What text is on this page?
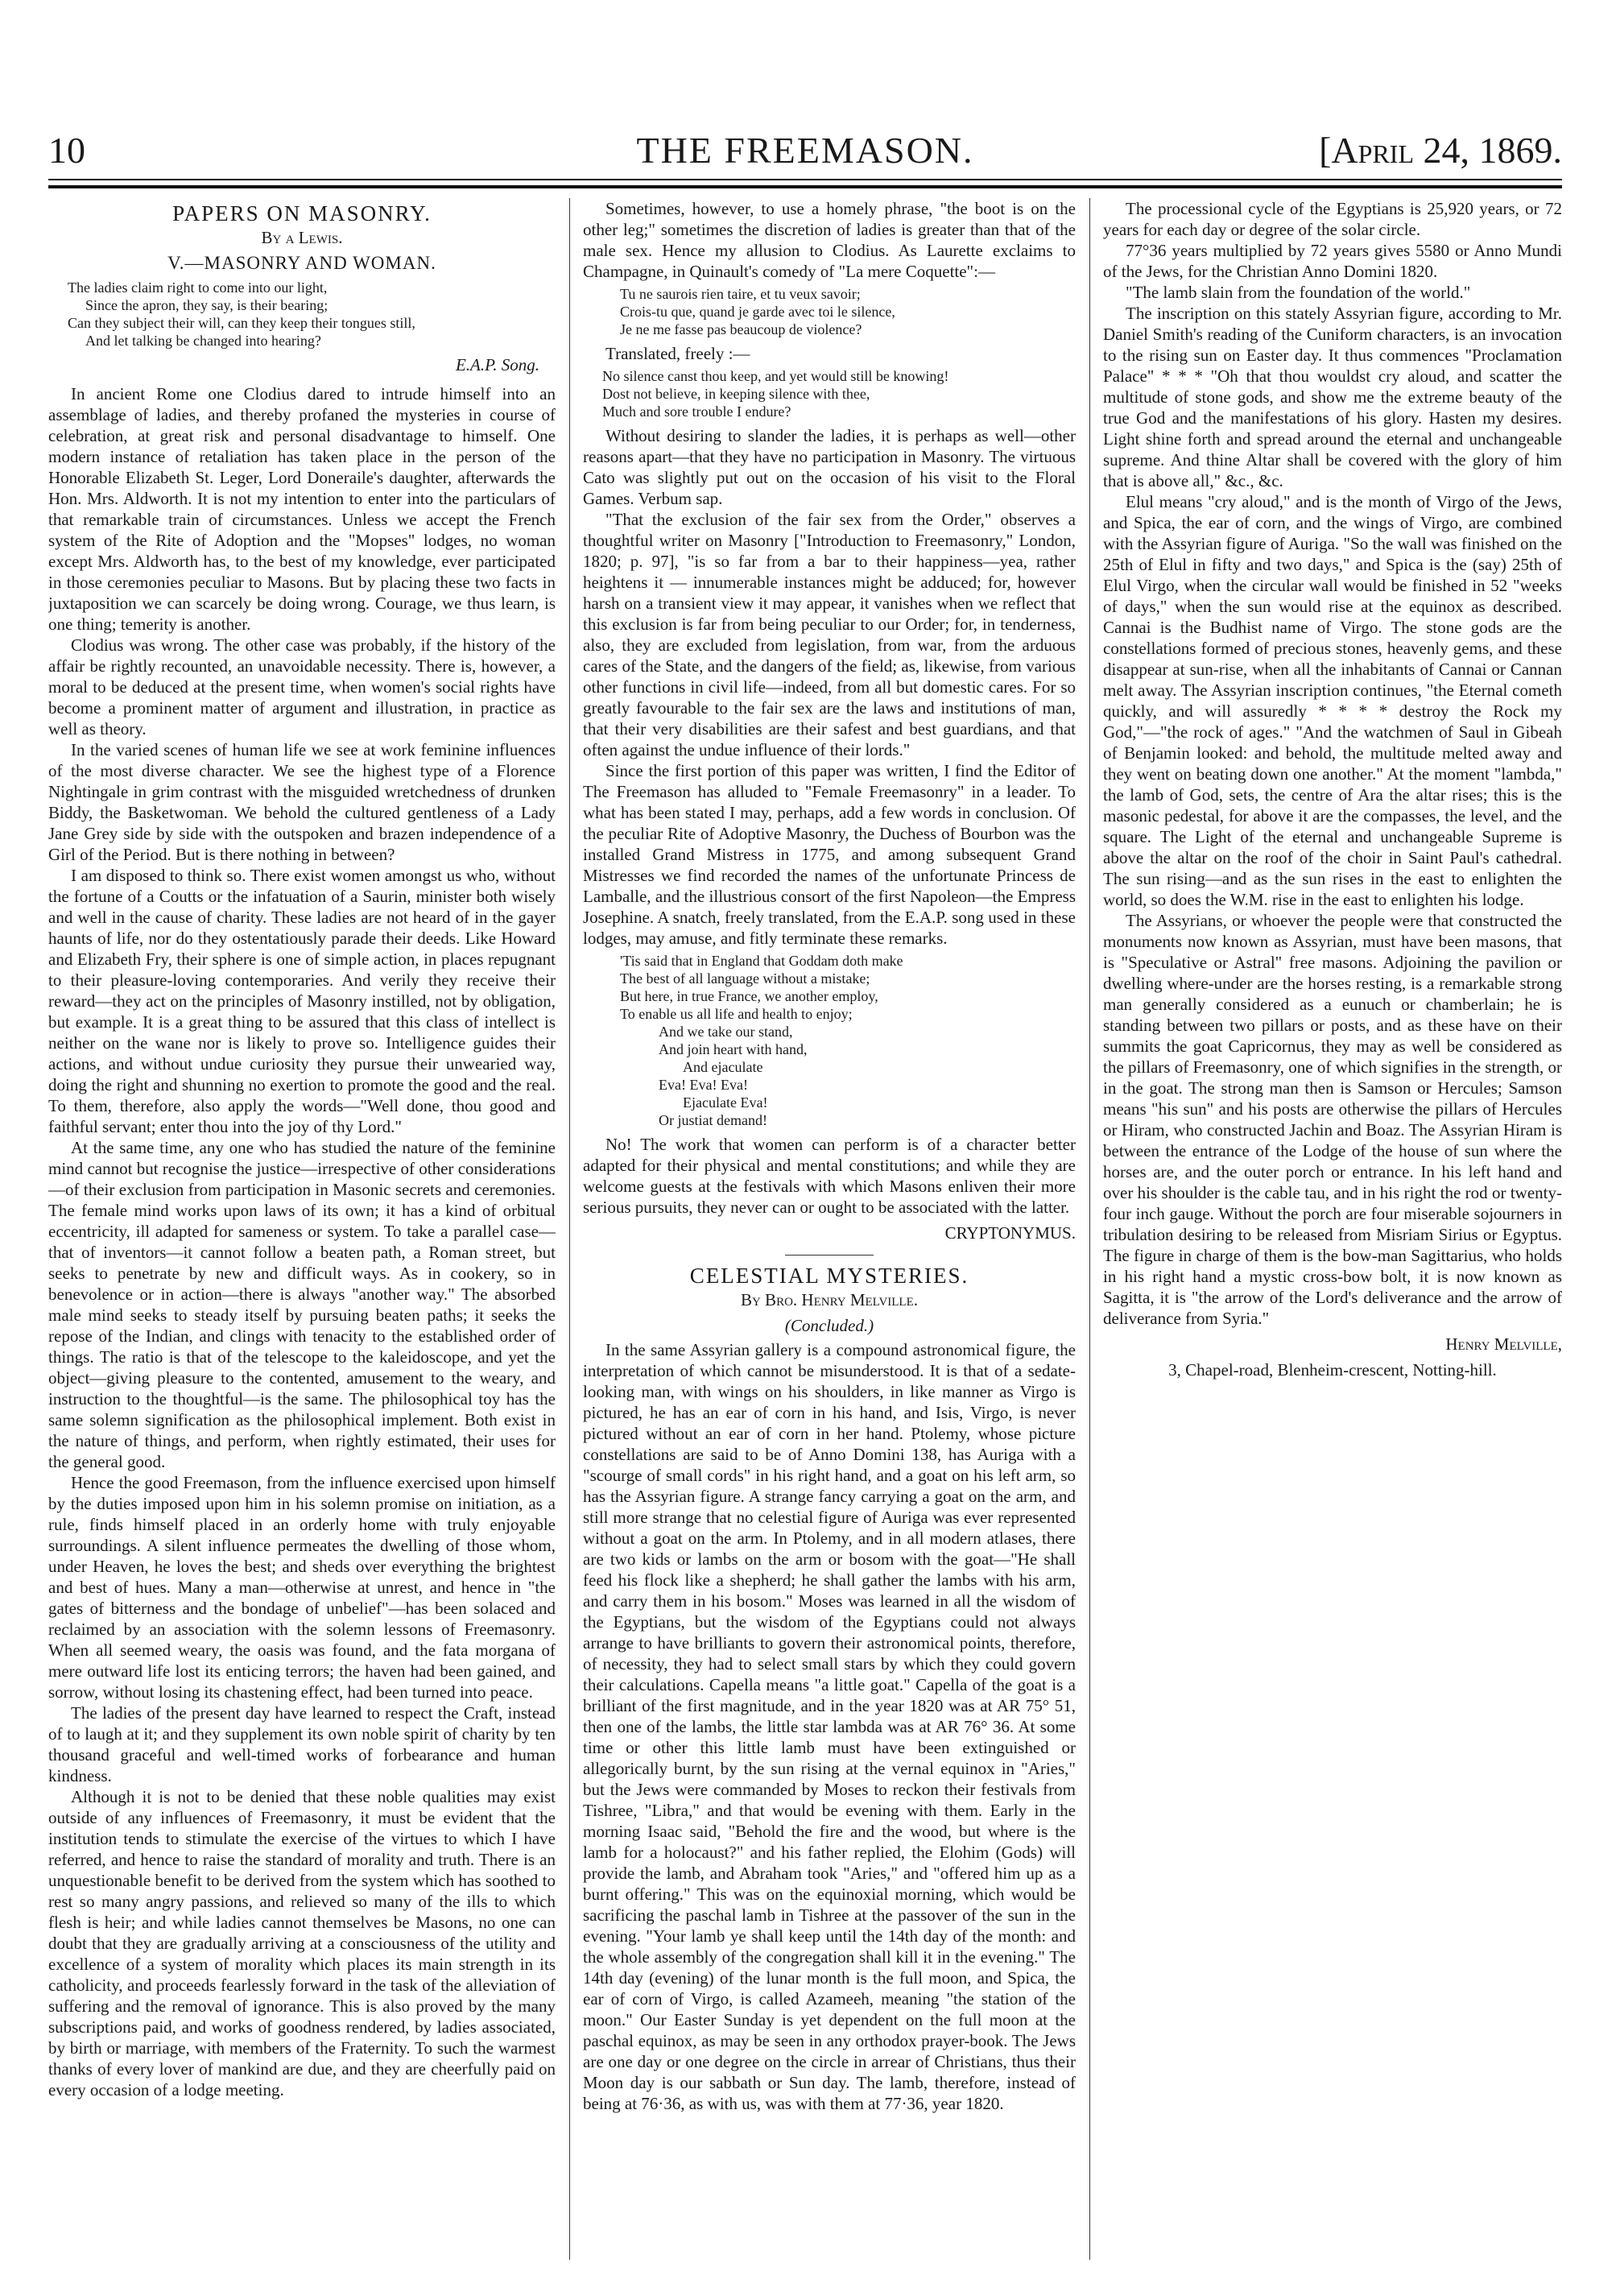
10	THE FREEMASON.	[April 24, 1869.
PAPERS ON MASONRY.
By a Lewis.
V.—MASONRY AND WOMAN.
The ladies claim right to come into our light,
Since the apron, they say, is their bearing;
Can they subject their will, can they keep their tongues still,
And let talking be changed into hearing?
E.A.P. Song.

In ancient Rome one Clodius dared to intrude himself into an assemblage of ladies, and thereby profaned the mysteries in course of celebration, at great risk and personal disadvantage to himself. One modern instance of retaliation has taken place in the person of the Honorable Elizabeth St. Leger, Lord Doneraile's daughter, afterwards the Hon. Mrs. Aldworth. It is not my intention to enter into the particulars of that remarkable train of circumstances. Unless we accept the French system of the Rite of Adoption and the "Mopses" lodges, no woman except Mrs. Aldworth has, to the best of my knowledge, ever participated in those ceremonies peculiar to Masons. But by placing these two facts in juxtaposition we can scarcely be doing wrong. Courage, we thus learn, is one thing; temerity is another.

Clodius was wrong. The other case was probably, if the history of the affair be rightly recounted, an unavoidable necessity. There is, however, a moral to be deduced at the present time, when women's social rights have become a prominent matter of argument and illustration, in practice as well as theory.

In the varied scenes of human life we see at work feminine influences of the most diverse character. We see the highest type of a Florence Nightingale in grim contrast with the misguided wretchedness of drunken Biddy, the Basketwoman. We behold the cultured gentleness of a Lady Jane Grey side by side with the outspoken and brazen independence of a Girl of the Period. But is there nothing in between?

I am disposed to think so. There exist women amongst us who, without the fortune of a Coutts or the infatuation of a Saurin, minister both wisely and well in the cause of charity. These ladies are not heard of in the gayer haunts of life, nor do they ostentatiously parade their deeds. Like Howard and Elizabeth Fry, their sphere is one of simple action, in places repugnant to their pleasure-loving contemporaries. And verily they receive their reward—they act on the principles of Masonry instilled, not by obligation, but example. It is a great thing to be assured that this class of intellect is neither on the wane nor is likely to prove so. Intelligence guides their actions, and without undue curiosity they pursue their unwearied way, doing the right and shunning no exertion to promote the good and the real. To them, therefore, also apply the words—"Well done, thou good and faithful servant; enter thou into the joy of thy Lord."

At the same time, any one who has studied the nature of the feminine mind cannot but recognise the justice—irrespective of other considerations—of their exclusion from participation in Masonic secrets and ceremonies. The female mind works upon laws of its own; it has a kind of orbitual eccentricity, ill adapted for sameness or system. To take a parallel case—that of inventors—it cannot follow a beaten path, a Roman street, but seeks to penetrate by new and difficult ways. As in cookery, so in benevolence or in action—there is always "another way." The absorbed male mind seeks to steady itself by pursuing beaten paths; it seeks the repose of the Indian, and clings with tenacity to the established order of things. The ratio is that of the telescope to the kaleidoscope, and yet the object—giving pleasure to the contented, amusement to the weary, and instruction to the thoughtful—is the same. The philosophical toy has the same solemn signification as the philosophical implement. Both exist in the nature of things, and perform, when rightly estimated, their uses for the general good.

Hence the good Freemason, from the influence exercised upon himself by the duties imposed upon him in his solemn promise on initiation, as a rule, finds himself placed in an orderly home with truly enjoyable surroundings. A silent influence permeates the dwelling of those whom, under Heaven, he loves the best; and sheds over everything the brightest and best of hues. Many a man—otherwise at unrest, and hence in "the gates of bitterness and the bondage of unbelief"—has been solaced and reclaimed by an association with the solemn lessons of Freemasonry. When all seemed weary, the oasis was found, and the fata morgana of mere outward life lost its enticing terrors; the haven had been gained, and sorrow, without losing its chastening effect, had been turned into peace.

The ladies of the present day have learned to respect the Craft, instead of to laugh at it; and they supplement its own noble spirit of charity by ten thousand graceful and well-timed works of forbearance and human kindness.

Although it is not to be denied that these noble qualities may exist outside of any influences of Freemasonry, it must be evident that the institution tends to stimulate the exercise of the virtues to which I have referred, and hence to raise the standard of morality and truth. There is an unquestionable benefit to be derived from the system which has soothed to rest so many angry passions, and relieved so many of the ills to which flesh is heir; and while ladies cannot themselves be Masons, no one can doubt that they are gradually arriving at a consciousness of the utility and excellence of a system of morality which places its main strength in its catholicity, and proceeds fearlessly forward in the task of the alleviation of suffering and the removal of ignorance. This is also proved by the many subscriptions paid, and works of goodness rendered, by ladies associated, by birth or marriage, with members of the Fraternity. To such the warmest thanks of every lover of mankind are due, and they are cheerfully paid on every occasion of a lodge meeting.

Sometimes, however, to use a homely phrase, "the boot is on the other leg;" sometimes the discretion of ladies is greater than that of the male sex. Hence my allusion to Clodius. As Laurette exclaims to Champagne, in Quinault's comedy of "La mere Coquette":—

Tu ne saurois rien taire, et tu veux savoir;
Crois-tu que, quand je garde avec toi le silence,
Je ne me fasse pas beaucoup de violence?

Translated, freely :—

No silence canst thou keep, and yet would still be knowing!
Dost not believe, in keeping silence with thee,
Much and sore trouble I endure?

Without desiring to slander the ladies, it is perhaps as well—other reasons apart—that they have no participation in Masonry. The virtuous Cato was slightly put out on the occasion of his visit to the Floral Games. Verbum sap.

"That the exclusion of the fair sex from the Order," observes a thoughtful writer on Masonry ["Introduction to Freemasonry," London, 1820; p. 97], "is so far from a bar to their happiness—yea, rather heightens it — innumerable instances might be adduced; for, however harsh on a transient view it may appear, it vanishes when we reflect that this exclusion is far from being peculiar to our Order; for, in tenderness, also, they are excluded from legislation, from war, from the arduous cares of the State, and the dangers of the field; as, likewise, from various other functions in civil life—indeed, from all but domestic cares. For so greatly favourable to the fair sex are the laws and institutions of man, that their very disabilities are their safest and best guardians, and that often against the undue influence of their lords."

Since the first portion of this paper was written, I find the Editor of The Freemason has alluded to "Female Freemasonry" in a leader. To what has been stated I may, perhaps, add a few words in conclusion. Of the peculiar Rite of Adoptive Masonry, the Duchess of Bourbon was the installed Grand Mistress in 1775, and among subsequent Grand Mistresses we find recorded the names of the unfortunate Princess de Lamballe, and the illustrious consort of the first Napoleon—the Empress Josephine. A snatch, freely translated, from the E.A.P. song used in these lodges, may amuse, and fitly terminate these remarks.

'Tis said that in England that Goddam doth make
The best of all language without a mistake;
But here, in true France, we another employ,
To enable us all life and health to enjoy;
And we take our stand,
And join heart with hand,
And ejaculate
Eva! Eva! Eva!
Ejaculate Eva!
Or justiat demand!

No! The work that women can perform is of a character better adapted for their physical and mental constitutions; and while they are welcome guests at the festivals with which Masons enliven their more serious pursuits, they never can or ought to be associated with the latter.

CRYPTONYMUS.
CELESTIAL MYSTERIES.
By Bro. Henry Melville.
(Concluded.)

In the same Assyrian gallery is a compound astronomical figure, the interpretation of which cannot be misunderstood. It is that of a sedate-looking man, with wings on his shoulders, in like manner as Virgo is pictured, he has an ear of corn in his hand, and Isis, Virgo, is never pictured without an ear of corn in her hand. Ptolemy, whose picture constellations are said to be of Anno Domini 138, has Auriga with a "scourge of small cords" in his right hand, and a goat on his left arm, so has the Assyrian figure. A strange fancy carrying a goat on the arm, and still more strange that no celestial figure of Auriga was ever represented without a goat on the arm. In Ptolemy, and in all modern atlases, there are two kids or lambs on the arm or bosom with the goat—"He shall feed his flock like a shepherd; he shall gather the lambs with his arm, and carry them in his bosom." Moses was learned in all the wisdom of the Egyptians, but the wisdom of the Egyptians could not always arrange to have brilliants to govern their astronomical points, therefore, of necessity, they had to select small stars by which they could govern their calculations. Capella means "a little goat." Capella of the goat is a brilliant of the first magnitude, and in the year 1820 was at AR 75° 51, then one of the lambs, the little star lambda was at AR 76° 36. At some time or other this little lamb must have been extinguished or allegorically burnt, by the sun rising at the vernal equinox in "Aries," but the Jews were commanded by Moses to reckon their festivals from Tishree, "Libra," and that would be evening with them. Early in the morning Isaac said, "Behold the fire and the wood, but where is the lamb for a holocaust?" and his father replied, the Elohim (Gods) will provide the lamb, and Abraham took "Aries," and "offered him up as a burnt offering." This was on the equinoxial morning, which would be sacrificing the paschal lamb in Tishree at the passover of the sun in the evening. "Your lamb ye shall keep until the 14th day of the month: and the whole assembly of the congregation shall kill it in the evening." The 14th day (evening) of the lunar month is the full moon, and Spica, the ear of corn of Virgo, is called Azameeh, meaning "the station of the moon." Our Easter Sunday is yet dependent on the full moon at the paschal equinox, as may be seen in any orthodox prayer-book. The Jews are one day or one degree on the circle in arrear of Christians, thus their Moon day is our sabbath or Sun day. The lamb, therefore, instead of being at 76·36, as with us, was with them at 77·36, year 1820.

The processional cycle of the Egyptians is 25,920 years, or 72 years for each day or degree of the solar circle.

77°36 years multiplied by 72 years gives 5580 or Anno Mundi of the Jews, for the Christian Anno Domini 1820.

"The lamb slain from the foundation of the world."

The inscription on this stately Assyrian figure, according to Mr. Daniel Smith's reading of the Cuniform characters, is an invocation to the rising sun on Easter day. It thus commences "Proclamation Palace" * * * "Oh that thou wouldst cry aloud, and scatter the multitude of stone gods, and show me the extreme beauty of the true God and the manifestations of his glory. Hasten my desires. Light shine forth and spread around the eternal and unchangeable supreme. And thine Altar shall be covered with the glory of him that is above all," &c., &c.

Elul means "cry aloud," and is the month of Virgo of the Jews, and Spica, the ear of corn, and the wings of Virgo, are combined with the Assyrian figure of Auriga. "So the wall was finished on the 25th of Elul in fifty and two days," and Spica is the (say) 25th of Elul Virgo, when the circular wall would be finished in 52 "weeks of days," when the sun would rise at the equinox as described. Cannai is the Budhist name of Virgo. The stone gods are the constellations formed of precious stones, heavenly gems, and these disappear at sun-rise, when all the inhabitants of Cannai or Cannan melt away. The Assyrian inscription continues, "the Eternal cometh quickly, and will assuredly * * * * destroy the Rock my God,"—"the rock of ages." "And the watchmen of Saul in Gibeah of Benjamin looked: and behold, the multitude melted away and they went on beating down one another." At the moment "lambda," the lamb of God, sets, the centre of Ara the altar rises; this is the masonic pedestal, for above it are the compasses, the level, and the square. The Light of the eternal and unchangeable Supreme is above the altar on the roof of the choir in Saint Paul's cathedral. The sun rising—and as the sun rises in the east to enlighten the world, so does the W.M. rise in the east to enlighten his lodge.

The Assyrians, or whoever the people were that constructed the monuments now known as Assyrian, must have been masons, that is "Speculative or Astral" free masons. Adjoining the pavilion or dwelling where-under are the horses resting, is a remarkable strong man generally considered as a eunuch or chamberlain; he is standing between two pillars or posts, and as these have on their summits the goat Capricornus, they may as well be considered as the pillars of Freemasonry, one of which signifies in the strength, or in the goat. The strong man then is Samson or Hercules; Samson means "his sun" and his posts are otherwise the pillars of Hercules or Hiram, who constructed Jachin and Boaz. The Assyrian Hiram is between the entrance of the Lodge of the house of sun where the horses are, and the outer porch or entrance. In his left hand and over his shoulder is the cable tau, and in his right the rod or twenty-four inch gauge. Without the porch are four miserable sojourners in tribulation desiring to be released from Misriam Sirius or Egyptus. The figure in charge of them is the bow-man Sagittarius, who holds in his right hand a mystic cross-bow bolt, it is now known as Sagitta, it is "the arrow of the Lord's deliverance and the arrow of deliverance from Syria."

Henry Melville,
3, Chapel-road, Blenheim-crescent, Notting-hill.
